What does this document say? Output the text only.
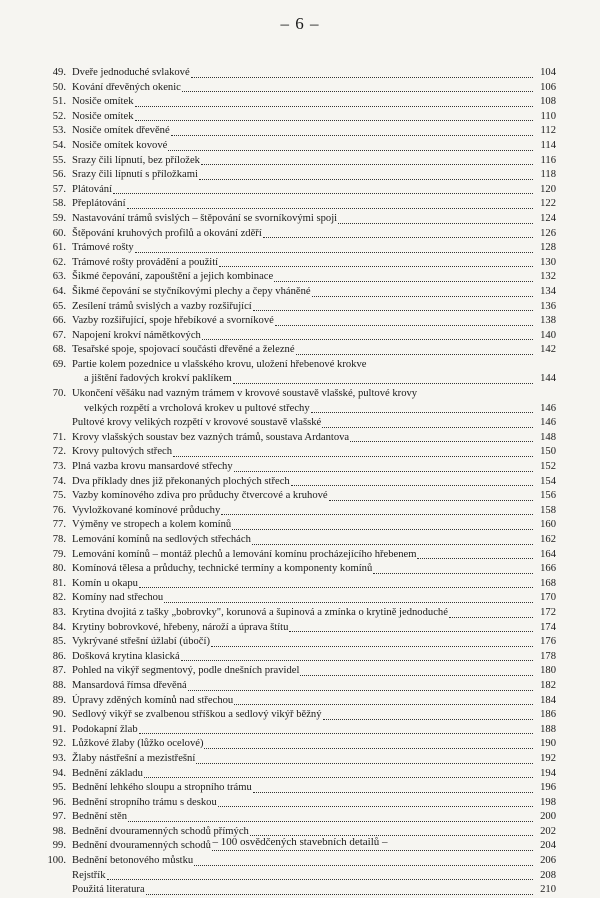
– 6 –
49. Dveře jednoduché svlakové	104
50. Kování dřevěných okenic	106
51. Nosiče omítek	108
52. Nosiče omítek	110
53. Nosiče omítek dřevěné	112
54. Nosiče omítek kovové	114
55. Srazy čili lípnutí, bez příložek	116
56. Srazy čili lípnutí s příložkami	118
57. Plátování	120
58. Přeplátování	122
59. Nastavování trámů svislých – štěpování se svorníkovými spoji	124
60. Štěpování kruhových profilů a okování zděří	126
61. Trámové rošty	128
62. Trámové rošty provádění a použití	130
63. Šikmé čepování, zapouštění a jejich kombinace	132
64. Šikmé čepování se styčníkovými plechy a čepy vháněné	134
65. Zesílení trámů svislých a vazby rozšiřující	136
66. Vazby rozšiřující, spoje hřebíkové a svorníkové	138
67. Napojení krokví námětkových	140
68. Tesařské spoje, spojovací součásti dřevěné a železné	142
69. Partie kolem pozednice u vlašského krovu, uložení hřebenové krokve
a jištění řadových krokví paklíkem	144
70. Ukončení věšáku nad vazným trámem v krovové soustavě vlašské, pultové krovy
velkých rozpětí a vrcholová krokev u pultové střechy	146
Pultové krovy velikých rozpětí v krovové soustavě vlašské	146
71. Krovy vlašských soustav bez vazných trámů, soustava Ardantova	148
72. Krovy pultových střech	150
73. Plná vazba krovu mansardové střechy	152
74. Dva příklady dnes již překonaných plochých střech	154
75. Vazby komínového zdiva pro průduchy čtvercové a kruhové	156
76. Vyvložkované komínové průduchy	158
77. Výměny ve stropech a kolem komínů	160
78. Lemování komínů na sedlových střechách	162
79. Lemování komínů – montáž plechů a lemování komínu procházejícího hřebenem	164
80. Komínová tělesa a průduchy, technické termíny a komponenty komínů	166
81. Komín u okapu	168
82. Komíny nad střechou	170
83. Krytina dvojitá z tašky „bobrovky", korunová a šupinová a zmínka o krytině jednoduché	172
84. Krytiny bobrovkové, hřebeny, nároží a úprava štítu	174
85. Vykrývané střešní úžlabí (úbočí)	176
86. Došková krytina klasická	178
87. Pohled na vikýř segmentový, podle dnešních pravidel	180
88. Mansardová římsa dřevěná	182
89. Úpravy zděných komínů nad střechou	184
90. Sedlový vikýř se zvalbenou stříškou a sedlový vikýř běžný	186
91. Podokapní žlab	188
92. Lůžkové žlaby (lůžko ocelové)	190
93. Žlaby nástřešní a mezistřešní	192
94. Bednění základu	194
95. Bednění lehkého sloupu a stropního trámu	196
96. Bednění stropního trámu s deskou	198
97. Bednění stěn	200
98. Bednění dvouramenných schodů přímých	202
99. Bednění dvouramenných schodů	204
100. Bednění betonového můstku	206
Rejstřík	208
Použitá literatura	210
– 100 osvědčených stavebních detailů –
